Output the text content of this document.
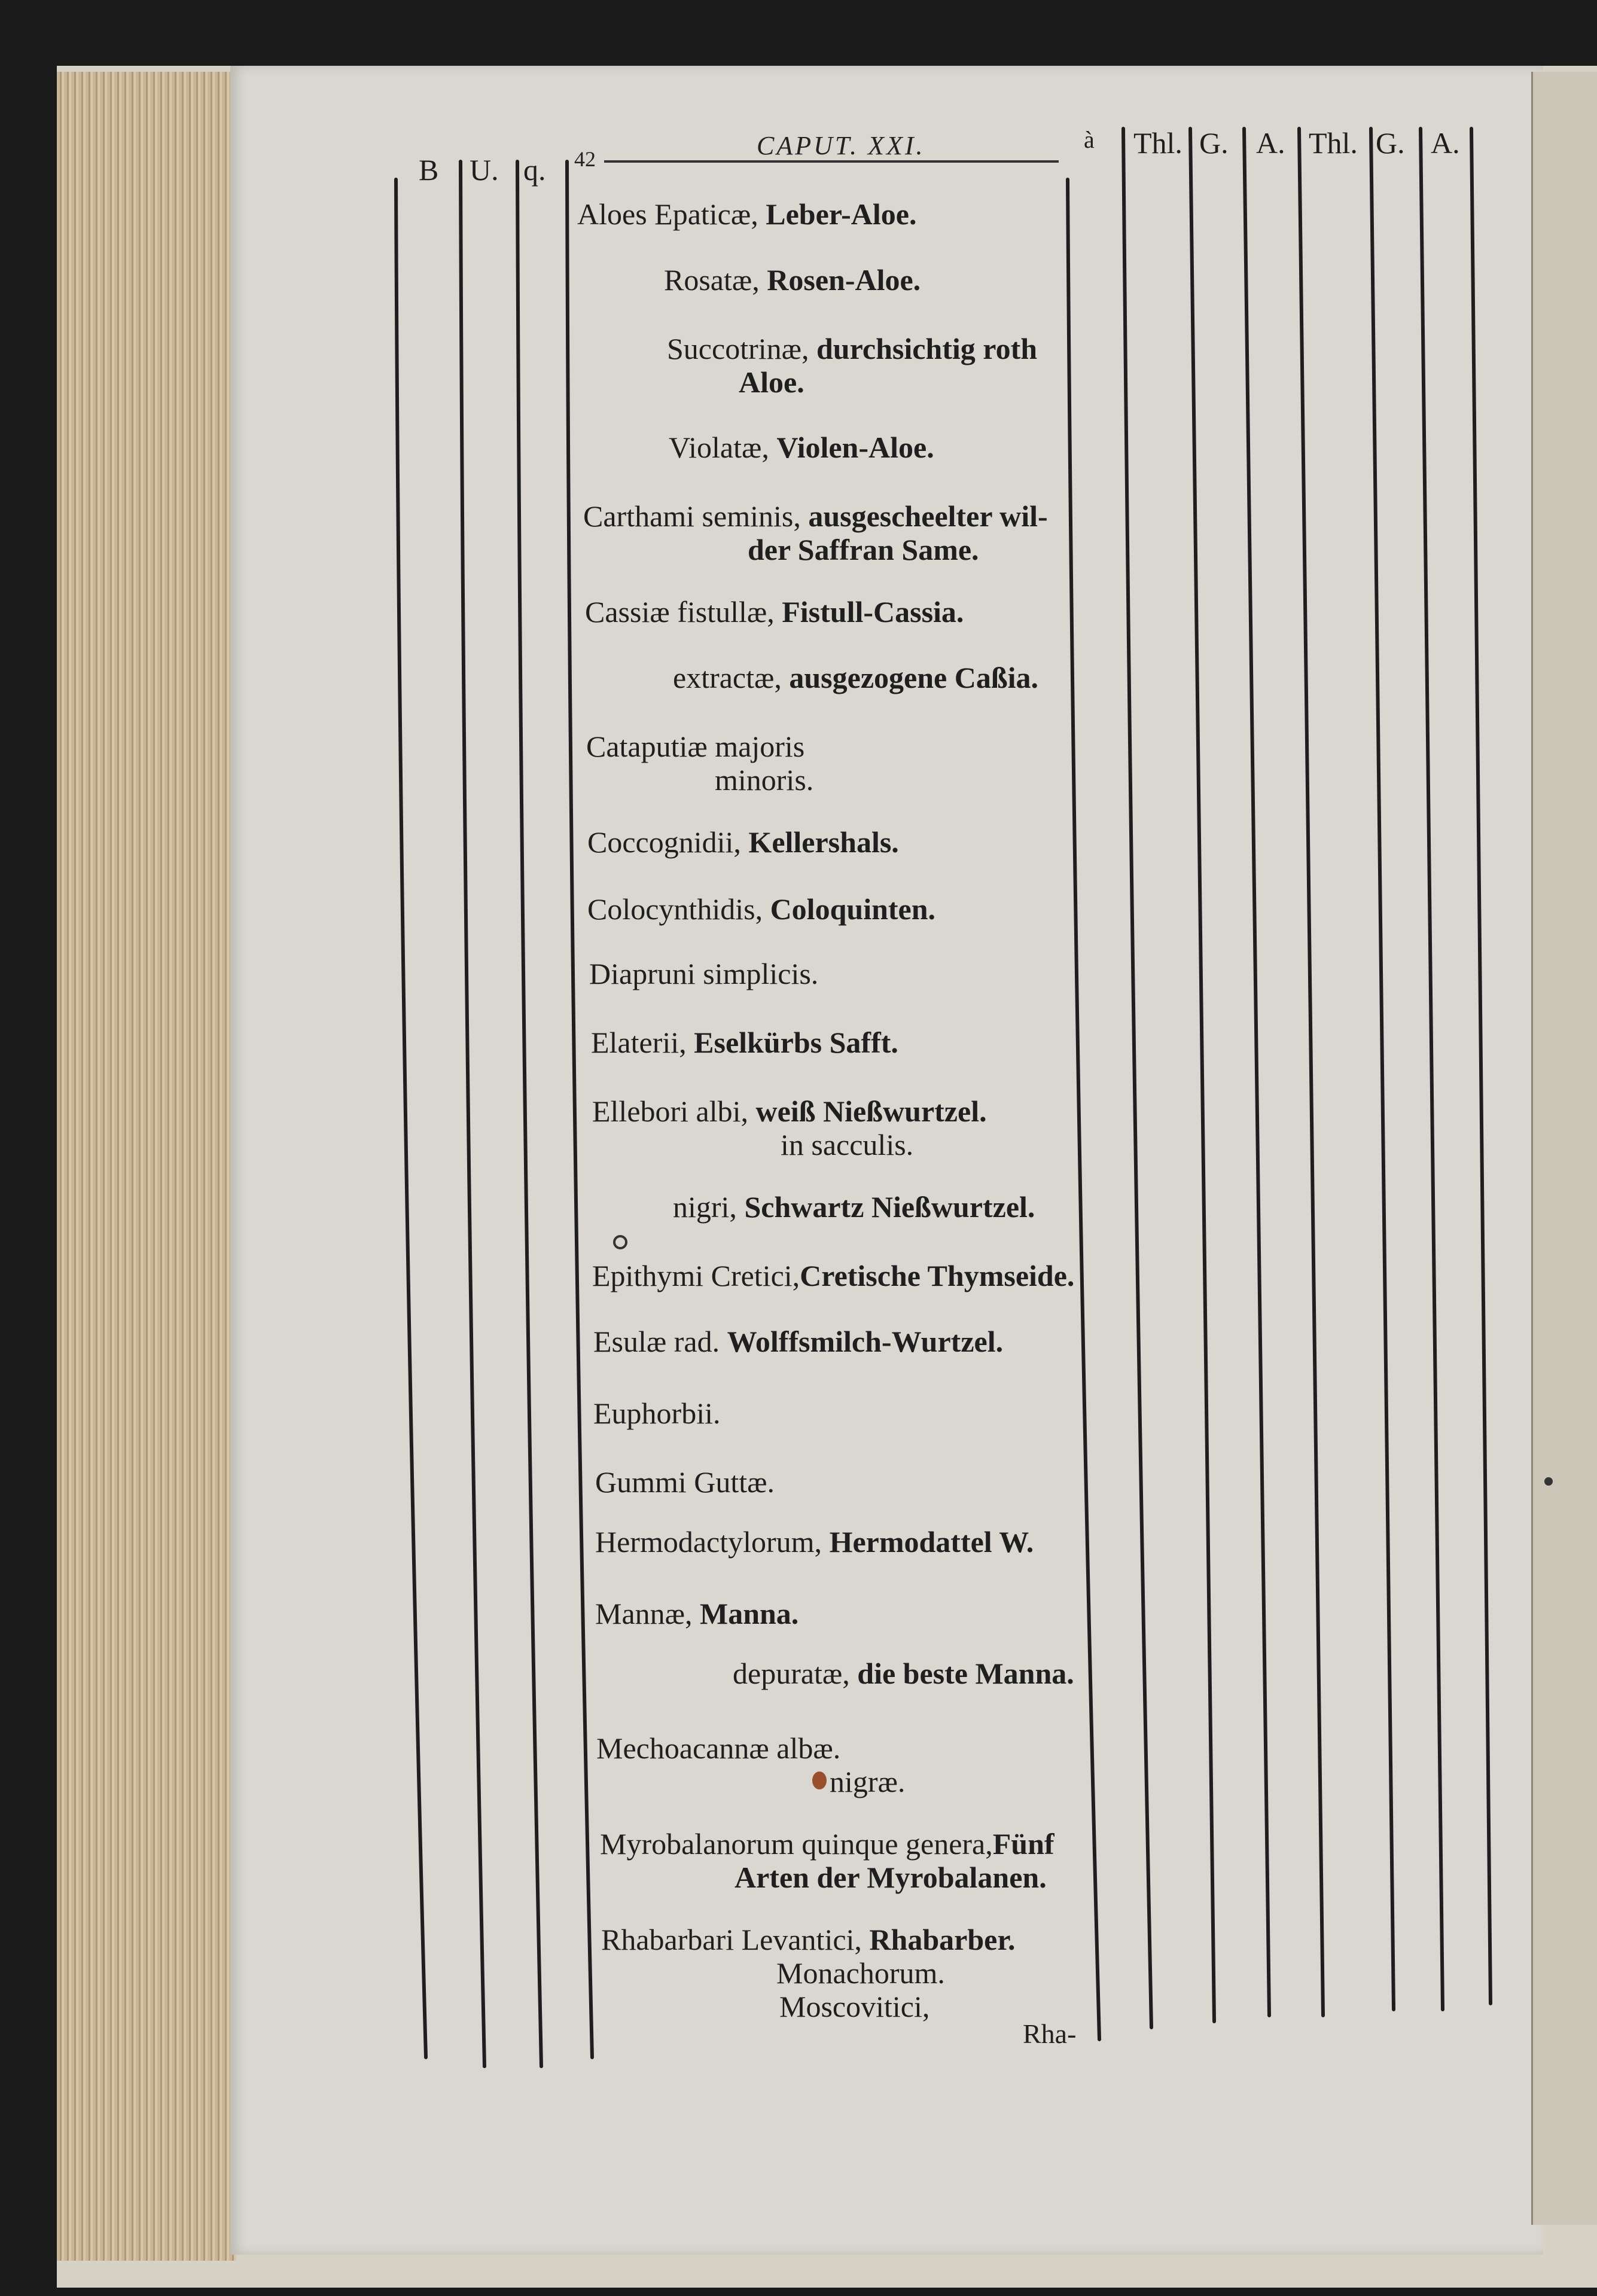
B U. q. 42	CAPUT. XXI.	à Thl. G. A. Thl. G. A.
Aloes Epaticæ, Leber-Aloe.
Rosatæ, Rosen-Aloe.
Succotrinæ, durchsichtig roth
Aloe.
Violatæ, Violen-Aloe.
Carthami seminis, ausgescheelter wil-
der Saffran Same.
Cassiæ fistullæ, Fistull-Cassia.
extractæ, ausgezogene Caßia.
Cataputiæ majoris
minoris.
Coccognidii, Kellershals.
Colocynthidis, Coloquinten.
Diapruni simplicis.
Elaterii, Eselkürbs Safft.
Ellebori albi, weiß Nießwurtzel.
in sacculis.
nigri, Schwartz Nießwurtzel.
Epithymi Cretici,Cretische Thymseide.
Esulæ rad. Wolffsmilch-Wurtzel.
Euphorbii.
Gummi Guttæ.
Hermodactylorum, Hermodattel W.
Mannæ, Manna.
depuratæ, die beste Manna.
Mechoacannæ albæ.
nigræ.
Myrobalanorum quinque genera,Fünf
Arten der Myrobalanen.
Rhabarbari Levantici, Rhabarber.
Monachorum.
Moscovitici,
Rha-
